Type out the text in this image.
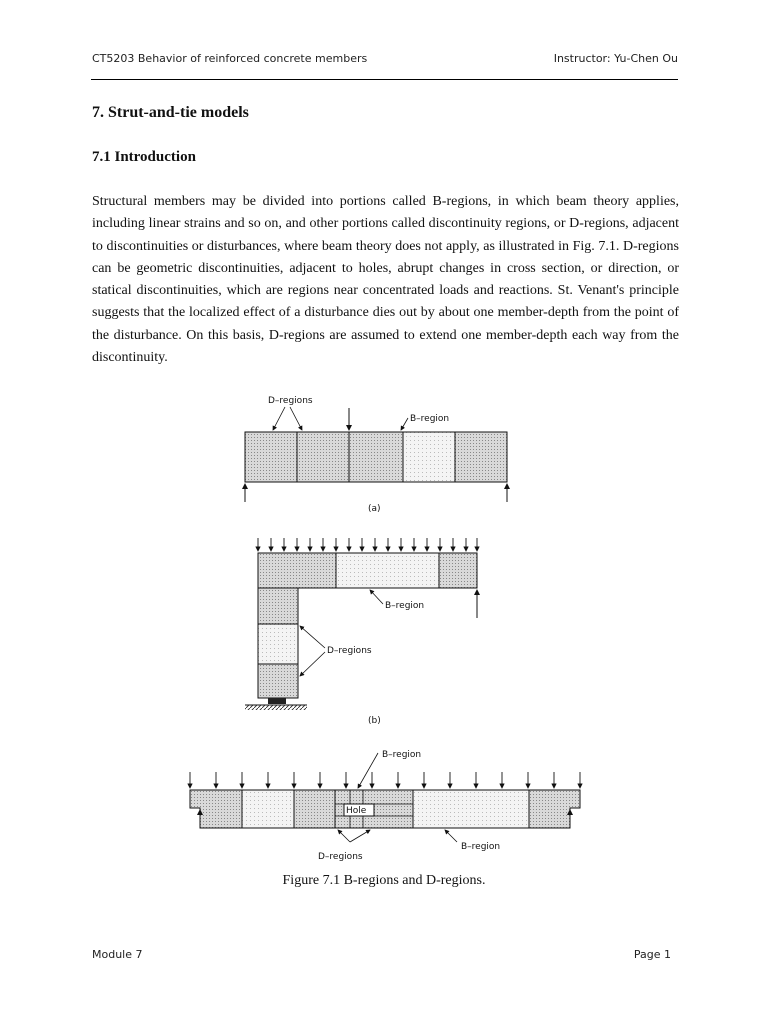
CT5203 Behavior of reinforced concrete members	Instructor: Yu-Chen Ou
7. Strut-and-tie models
7.1 Introduction

Structural members may be divided into portions called B-regions, in which beam theory applies, including linear strains and so on, and other portions called discontinuity regions, or D-regions, adjacent to discontinuities or disturbances, where beam theory does not apply, as illustrated in Fig. 7.1. D-regions can be geometric discontinuities, adjacent to holes, abrupt changes in cross section, or direction, or statical discontinuities, which are regions near concentrated loads and reactions. St. Venant's principle suggests that the localized effect of a disturbance dies out by about one member-depth from the point of the disturbance. On this basis, D-regions are assumed to extend one member-depth each way from the discontinuity.

D–regions
B–region
(a)
B–region
D–regions
(b)
Hole
B–region
D–regions
B–region
Figure 7.1 B-regions and D-regions.
Module 7	Page 1
